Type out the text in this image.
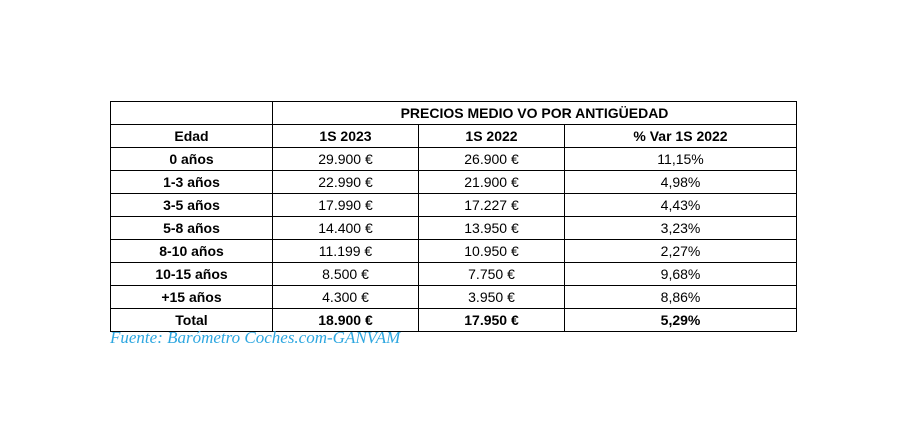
	PRECIOS MEDIO VO POR ANTIGÜEDAD		
Edad	1S 2023	1S 2022	% Var 1S 2022
0 años	29.900 €	26.900 €	11,15%
1-3 años	22.990 €	21.900 €	4,98%
3-5 años	17.990 €	17.227 €	4,43%
5-8 años	14.400 €	13.950 €	3,23%
8-10 años	11.199 €	10.950 €	2,27%
10-15 años	8.500 €	7.750 €	9,68%
+15 años	4.300 €	3.950 €	8,86%
Total	18.900 €	17.950 €	5,29%
Fuente: Barómetro Coches.com-GANVAM
